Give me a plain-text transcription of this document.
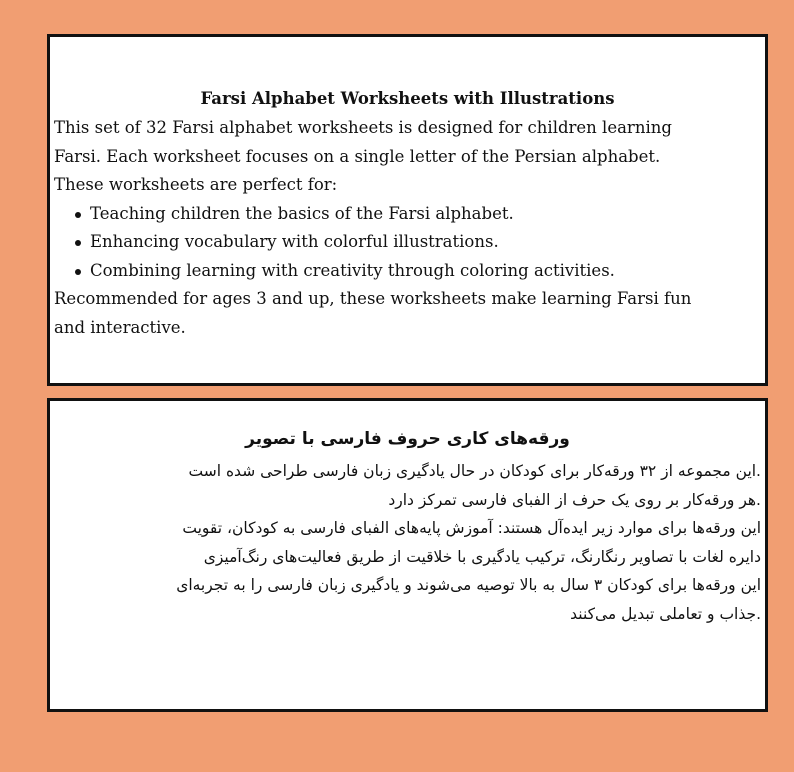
Farsi Alphabet Worksheets with Illustrations

This set of 32 Farsi alphabet worksheets is designed for children learning

Farsi. Each worksheet focuses on a single letter of the Persian alphabet.

These worksheets are perfect for:

Teaching children the basics of the Farsi alphabet.
Enhancing vocabulary with colorful illustrations.
Combining learning with creativity through coloring activities.

Recommended for ages 3 and up, these worksheets make learning Farsi fun

and interactive.

ورقه‌های کاری حروف فارسی با تصویر

.این مجموعه از ۳۲ ورقه‌کار برای کودکان در حال یادگیری زبان فارسی طراحی شده است

.هر ورقه‌کار بر روی یک حرف از الفبای فارسی تمرکز دارد

این ورقه‌ها برای موارد زیر ایده‌آل هستند: آموزش پایه‌های الفبای فارسی به کودکان، تقویت

دایره لغات با تصاویر رنگارنگ، ترکیب یادگیری با خلاقیت از طریق فعالیت‌های رنگ‌آمیزی

این ورقه‌ها برای کودکان ۳ سال به بالا توصیه می‌شوند و یادگیری زبان فارسی را به تجربه‌ای

.جذاب و تعاملی تبدیل می‌کنند
